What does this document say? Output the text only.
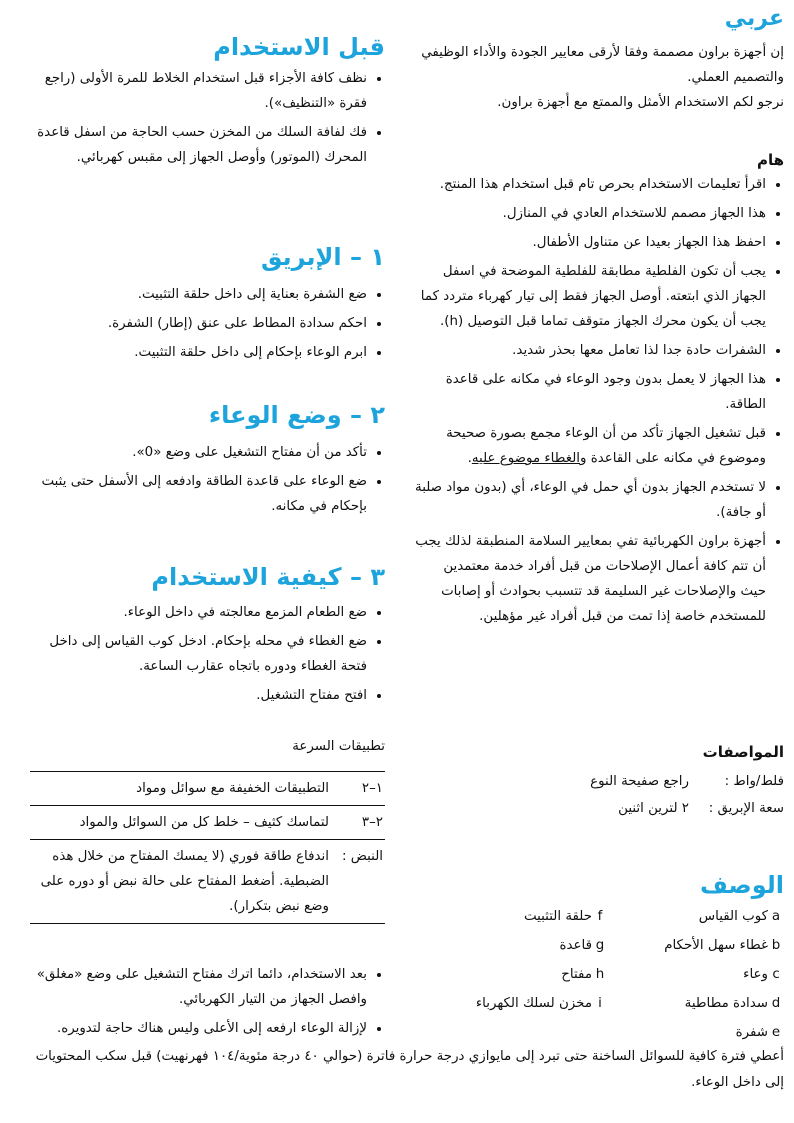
عربي

إن أجهزة براون مصممة وفقا لأرقى معايير الجودة والأداء الوظيفي والتصميم العملي.

نرجو لكم الاستخدام الأمثل والممتع مع أجهزة براون.

هام
• اقرأ تعليمات الاستخدام بحرص تام قبل استخدام هذا المنتج.
• هذا الجهاز مصمم للاستخدام العادي في المنازل.
• احفظ هذا الجهاز بعيدا عن متناول الأطفال.
• يجب أن تكون الفلطية مطابقة للفلطية الموضحة في اسفل الجهاز الذي ابتعته. أوصل الجهاز فقط إلى تيار كهرباء متردد كما يجب أن يكون محرك الجهاز متوقف تماما قبل التوصيل (h).
• الشفرات حادة جدا لذا تعامل معها بحذر شديد.
• هذا الجهاز لا يعمل بدون وجود الوعاء في مكانه على قاعدة الطاقة.
• قبل تشغيل الجهاز تأكد من أن الوعاء مجمع بصورة صحيحة وموضوع في مكانه على القاعدة والغطاء موضوع عليه.
• لا تستخدم الجهاز بدون أي حمل في الوعاء، أي (بدون مواد صلبة أو جافة).
• أجهزة براون الكهربائية تفي بمعايير السلامة المنطبقة لذلك يجب أن تتم كافة أعمال الإصلاحات من قبل أفراد خدمة معتمدين حيث والإصلاحات غير السليمة قد تتسبب بحوادث أو إصابات للمستخدم خاصة إذا تمت من قبل أفراد غير مؤهلين.
المواصفات
فلط/واط :	راجع صفيحة النوع
سعة الإبريق :	٢ لترين اثنين
الوصف
a	كوب القياس	f	حلقة التثبيت
b	غطاء سهل الأحكام	g	قاعدة
c	وعاء	h	مفتاح
d	سدادة مطاطية	i	مخزن لسلك الكهرباء
e	شفرة		
قبل الاستخدام
• نظف كافة الأجزاء قبل استخدام الخلاط للمرة الأولى (راجع فقرة «التنظيف»).
• فك لفافة السلك من المخزن حسب الحاجة من اسفل قاعدة المحرك (الموتور) وأوصل الجهاز إلى مقبس كهربائي.
١ – الإبريق
• ضع الشفرة بعناية إلى داخل حلقة التثبيت.
• احكم سدادة المطاط على عنق (إطار) الشفرة.
• ابرم الوعاء بإحكام إلى داخل حلقة التثبيت.
٢ – وضع الوعاء
• تأكد من أن مفتاح التشغيل على وضع «0».
• ضع الوعاء على قاعدة الطاقة وادفعه إلى الأسفل حتى يثبت بإحكام في مكانه.
٣ – كيفية الاستخدام
• ضع الطعام المزمع معالجته في داخل الوعاء.
• ضع الغطاء في محله بإحكام. ادخل كوب القياس إلى داخل فتحة الغطاء ودوره باتجاه عقارب الساعة.
• افتح مفتاح التشغيل.

تطبيقات السرعة

١–٢	التطبيقات الخفيفة مع سوائل ومواد
٢–٣	لتماسك كثيف – خلط كل من السوائل والمواد
النبض :	اندفاع طاقة فوري (لا يمسك المفتاح من خلال هذه الضبطية. أضغط المفتاح على حالة نبض أو دوره على وضع نبض بتكرار).
• بعد الاستخدام، دائما اترك مفتاح التشغيل على وضع «مغلق» وافصل الجهاز من التيار الكهربائي.
• لإزالة الوعاء ارفعه إلى الأعلى وليس هناك حاجة لتدويره.

أعطي فترة كافية للسوائل الساخنة حتى تبرد إلى مايوازي درجة حرارة فاترة (حوالي ٤٠ درجة مئوية/١٠٤ فهرنهيت) قبل سكب المحتويات إلى داخل الوعاء.
